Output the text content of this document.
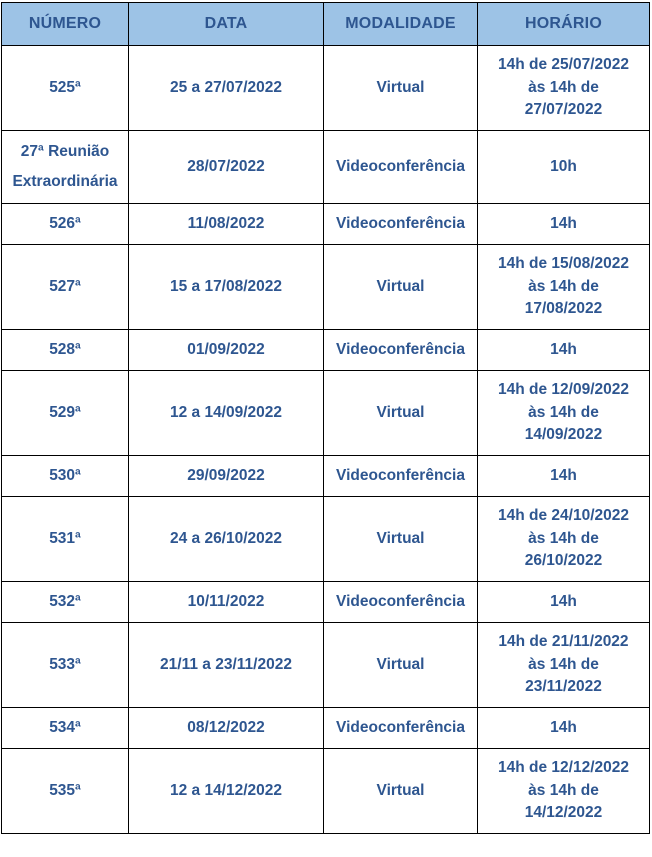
NÚMERO	DATA	MODALIDADE	HORÁRIO
525ª	25 a 27/07/2022	Virtual	14h de 25/07/2022
às 14h de
27/07/2022

27ª Reunião
Extraordinária	28/07/2022	Videoconferência	10h
526ª	11/08/2022	Videoconferência	14h
527ª	15 a 17/08/2022	Virtual	14h de 15/08/2022
às 14h de
17/08/2022

528ª	01/09/2022	Videoconferência	14h
529ª	12 a 14/09/2022	Virtual	14h de 12/09/2022
às 14h de
14/09/2022

530ª	29/09/2022	Videoconferência	14h
531ª	24 a 26/10/2022	Virtual	14h de 24/10/2022
às 14h de
26/10/2022

532ª	10/11/2022	Videoconferência	14h
533ª	21/11 a 23/11/2022	Virtual	14h de 21/11/2022
às 14h de
23/11/2022

534ª	08/12/2022	Videoconferência	14h
535ª	12 a 14/12/2022	Virtual	14h de 12/12/2022
às 14h de
14/12/2022
